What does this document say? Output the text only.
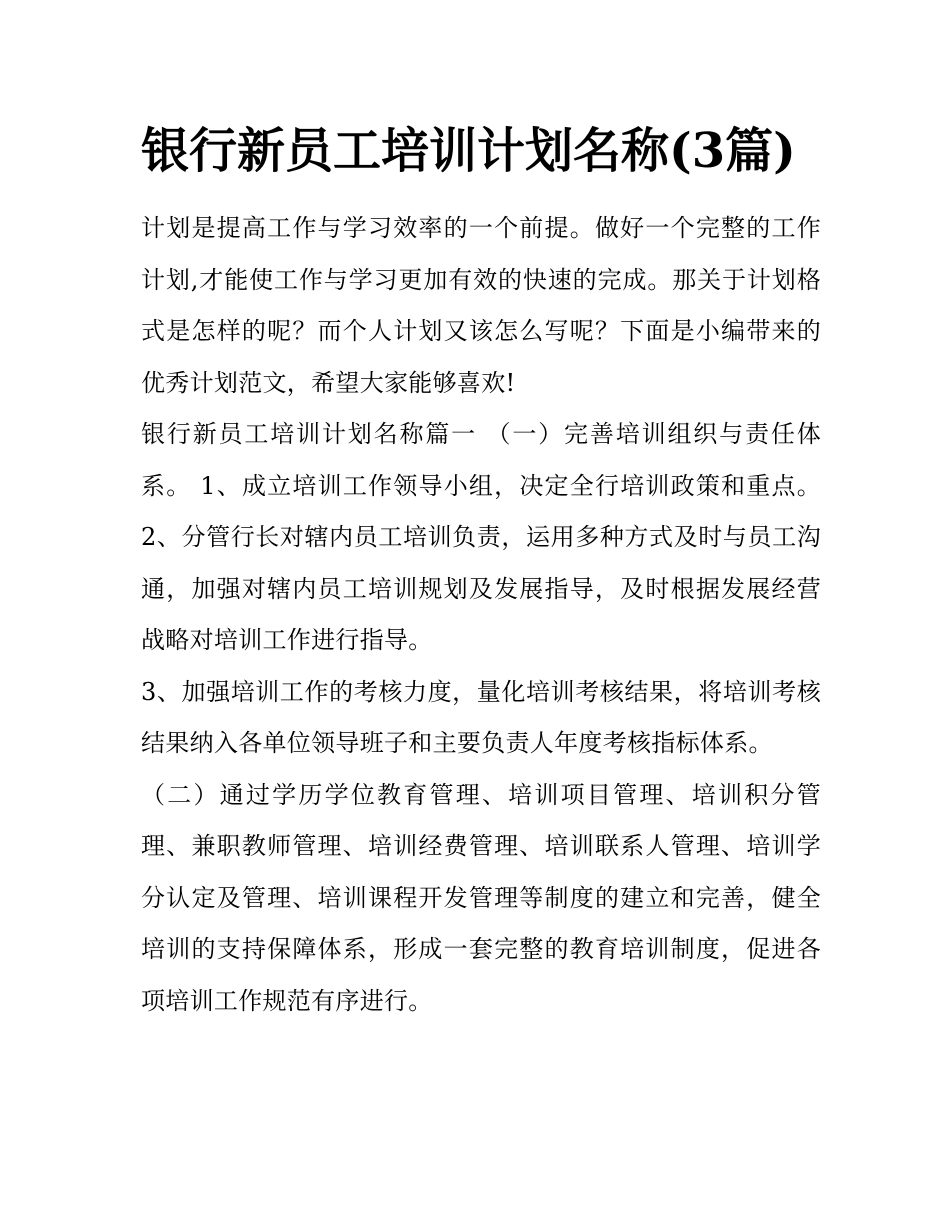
银行新员工培训计划名称(3篇)

计划是提高工作与学习效率的一个前提。做好一个完整的工作计划,才能使工作与学习更加有效的快速的完成。那关于计划格式是怎样的呢？而个人计划又该怎么写呢？下面是小编带来的优秀计划范文，希望大家能够喜欢!

银行新员工培训计划名称篇一 （一）完善培训组织与责任体系。 1、成立培训工作领导小组，决定全行培训政策和重点。 2、分管行长对辖内员工培训负责，运用多种方式及时与员工沟通，加强对辖内员工培训规划及发展指导，及时根据发展经营战略对培训工作进行指导。

3、加强培训工作的考核力度，量化培训考核结果，将培训考核结果纳入各单位领导班子和主要负责人年度考核指标体系。

（二）通过学历学位教育管理、培训项目管理、培训积分管理、兼职教师管理、培训经费管理、培训联系人管理、培训学分认定及管理、培训课程开发管理等制度的建立和完善，健全培训的支持保障体系，形成一套完整的教育培训制度，促进各项培训工作规范有序进行。
